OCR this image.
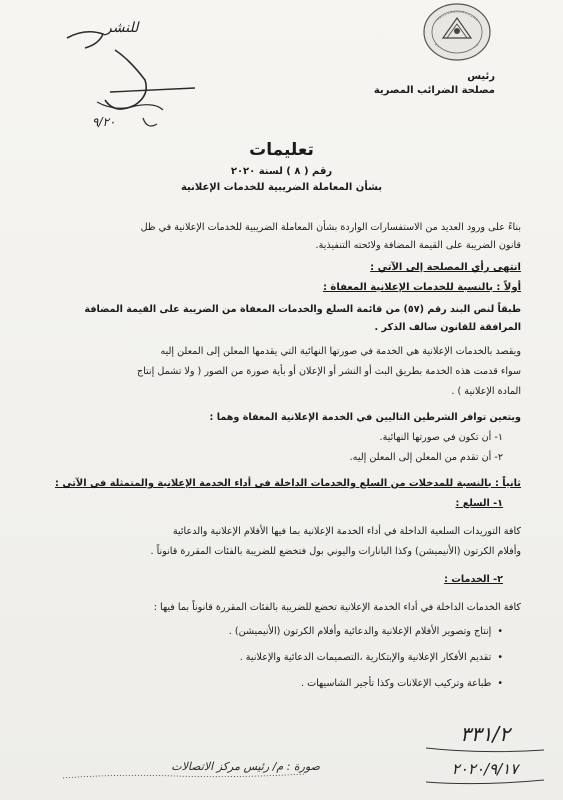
رئيس
مصلحة الضرائب المصرية
للنشر
٩/٢٠
تعليمات
رقم ( ٨ ) لسنة ٢٠٢٠
بشأن المعاملة الضريبية للخدمات الإعلانية
بناءً على ورود العديد من الاستفسارات الواردة بشأن المعاملة الضريبية للخدمات الإعلانية في ظل
قانون الضريبة على القيمة المضافة ولائحته التنفيذية.
انتهى رأي المصلحة إلى الآتي :
أولاً : بالنسبة للخدمات الإعلانية المعفاة :
طبقاً لنص البند رقم (٥٧) من قائمة السلع والخدمات المعفاة من الضريبة على القيمة المضافة
المرافقة للقانون سالف الذكر .
ويقصد بالخدمات الإعلانية هي الخدمة في صورتها النهائية التي يقدمها المعلن إلى المعلن إليه
سواء قدمت هذه الخدمة بطريق البث أو النشر أو الإعلان أو بأية صورة من الصور ( ولا تشمل إنتاج
المادة الإعلانية ) .
ويتعين توافر الشرطين التاليين في الخدمة الإعلانية المعفاة وهما :
١- أن تكون في صورتها النهائية.
٢- أن تقدم من المعلن إلى المعلن إليه.
ثانياً : بالنسبة للمدخلات من السلع والخدمات الداخلة في أداء الخدمة الإعلانية والمتمثلة في الآتي :
١- السلع :
كافة التوريدات السلعية الداخلة في أداء الخدمة الإعلانية بما فيها الأفلام الإعلانية والدعائية
وأفلام الكرتون (الأنيميشن) وكذا البانارات واليوني بول فتخضع للضريبة بالفئات المقررة قانوناً .
٢- الخدمات :
كافة الخدمات الداخلة في أداء الخدمة الإعلانية تخضع للضريبة بالفئات المقررة قانوناً بما فيها :
• إنتاج وتصوير الأفلام الإعلانية والدعائية وأفلام الكرتون (الأنيميشن) .
• تقديم الأفكار الإعلانية والإبتكارية ،التصميمات الدعائية والإعلانية .
• طباعة وتركيب الإعلانات وكذا تأجير الشاسيهات .
صورة : م/ رئيس مركز الاتصالات
٣٣١/٢
٢٠٢٠/٩/١٧
